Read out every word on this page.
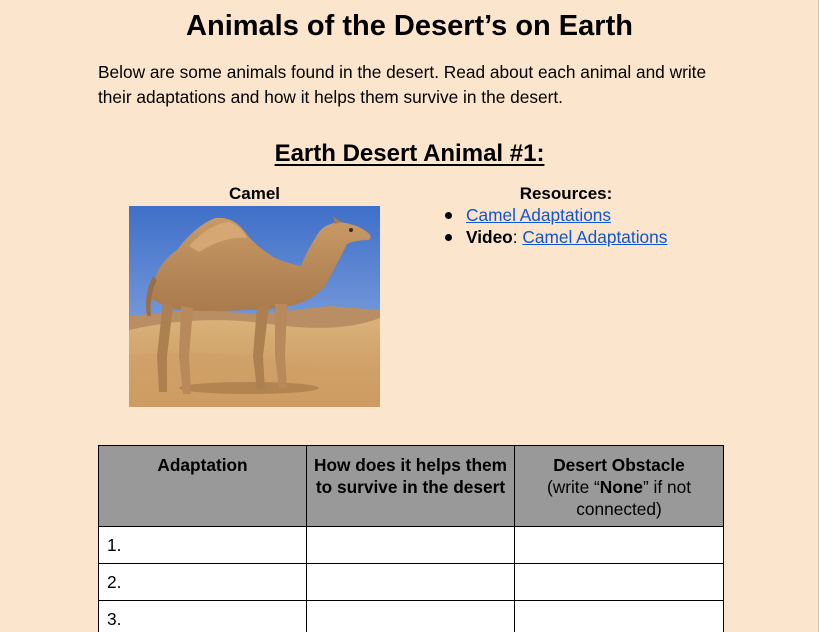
Animals of the Desert’s on Earth
Below are some animals found in the desert. Read about each animal and write their adaptations and how it helps them survive in the desert.
Earth Desert Animal #1:
Camel	Resources:
Camel Adaptations
Video: Camel Adaptations
Adaptation	How does it helps them to survive in the desert	Desert Obstacle
(write “None” if not connected)
1.		
2.		
3.		
